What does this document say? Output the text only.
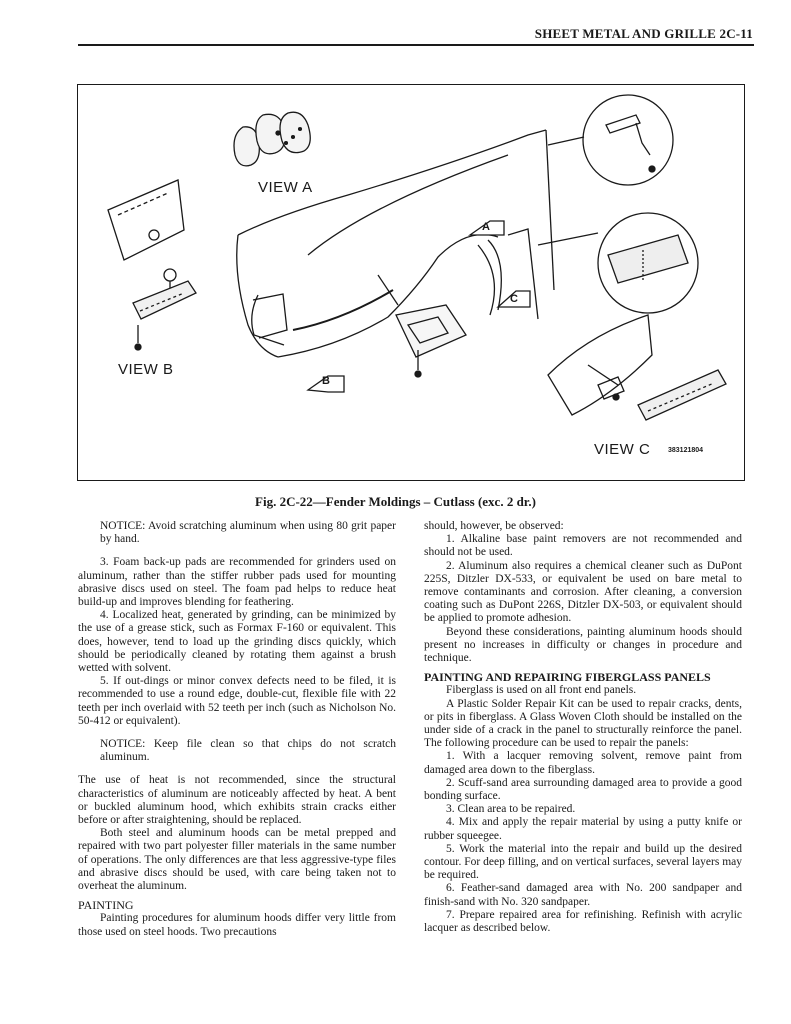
SHEET METAL AND GRILLE 2C-11
VIEW A
VIEW B
VIEW C
A
C
B
383121804
Fig. 2C-22—Fender Moldings – Cutlass (exc. 2 dr.)

NOTICE: Avoid scratching aluminum when using 80 grit paper by hand.

3. Foam back-up pads are recommended for grinders used on aluminum, rather than the stiffer rubber pads used for mounting abrasive discs used on steel. The foam pad helps to reduce heat build-up and improves blending for feathering.

4. Localized heat, generated by grinding, can be minimized by the use of a grease stick, such as Formax F-160 or equivalent. This does, however, tend to load up the grinding discs quickly, which should be periodically cleaned by rotating them against a brush wetted with solvent.

5. If out-dings or minor convex defects need to be filed, it is recommended to use a round edge, double-cut, flexible file with 22 teeth per inch overlaid with 52 teeth per inch (such as Nicholson No. 50-412 or equivalent).

NOTICE: Keep file clean so that chips do not scratch aluminum.

The use of heat is not recommended, since the structural characteristics of aluminum are noticeably affected by heat. A bent or buckled aluminum hood, which exhibits strain cracks either before or after straightening, should be replaced.

Both steel and aluminum hoods can be metal prepped and repaired with two part polyester filler materials in the same number of operations. The only differences are that less aggressive-type files and abrasive discs should be used, with care being taken not to overheat the aluminum.

PAINTING

Painting procedures for aluminum hoods differ very little from those used on steel hoods. Two precautions

should, however, be observed:

1. Alkaline base paint removers are not recommended and should not be used.

2. Aluminum also requires a chemical cleaner such as DuPont 225S, Ditzler DX-533, or equivalent be used on bare metal to remove contaminants and corrosion. After cleaning, a conversion coating such as DuPont 226S, Ditzler DX-503, or equivalent should be applied to promote adhesion.

Beyond these considerations, painting aluminum hoods should present no increases in difficulty or changes in procedure and technique.

PAINTING AND REPAIRING FIBERGLASS PANELS

Fiberglass is used on all front end panels.

A Plastic Solder Repair Kit can be used to repair cracks, dents, or pits in fiberglass. A Glass Woven Cloth should be installed on the under side of a crack in the panel to structurally reinforce the panel. The following procedure can be used to repair the panels:

1. With a lacquer removing solvent, remove paint from damaged area down to the fiberglass.

2. Scuff-sand area surrounding damaged area to provide a good bonding surface.

3. Clean area to be repaired.

4. Mix and apply the repair material by using a putty knife or rubber squeegee.

5. Work the material into the repair and build up the desired contour. For deep filling, and on vertical surfaces, several layers may be required.

6. Feather-sand damaged area with No. 200 sandpaper and finish-sand with No. 320 sandpaper.

7. Prepare repaired area for refinishing. Refinish with acrylic lacquer as described below.
